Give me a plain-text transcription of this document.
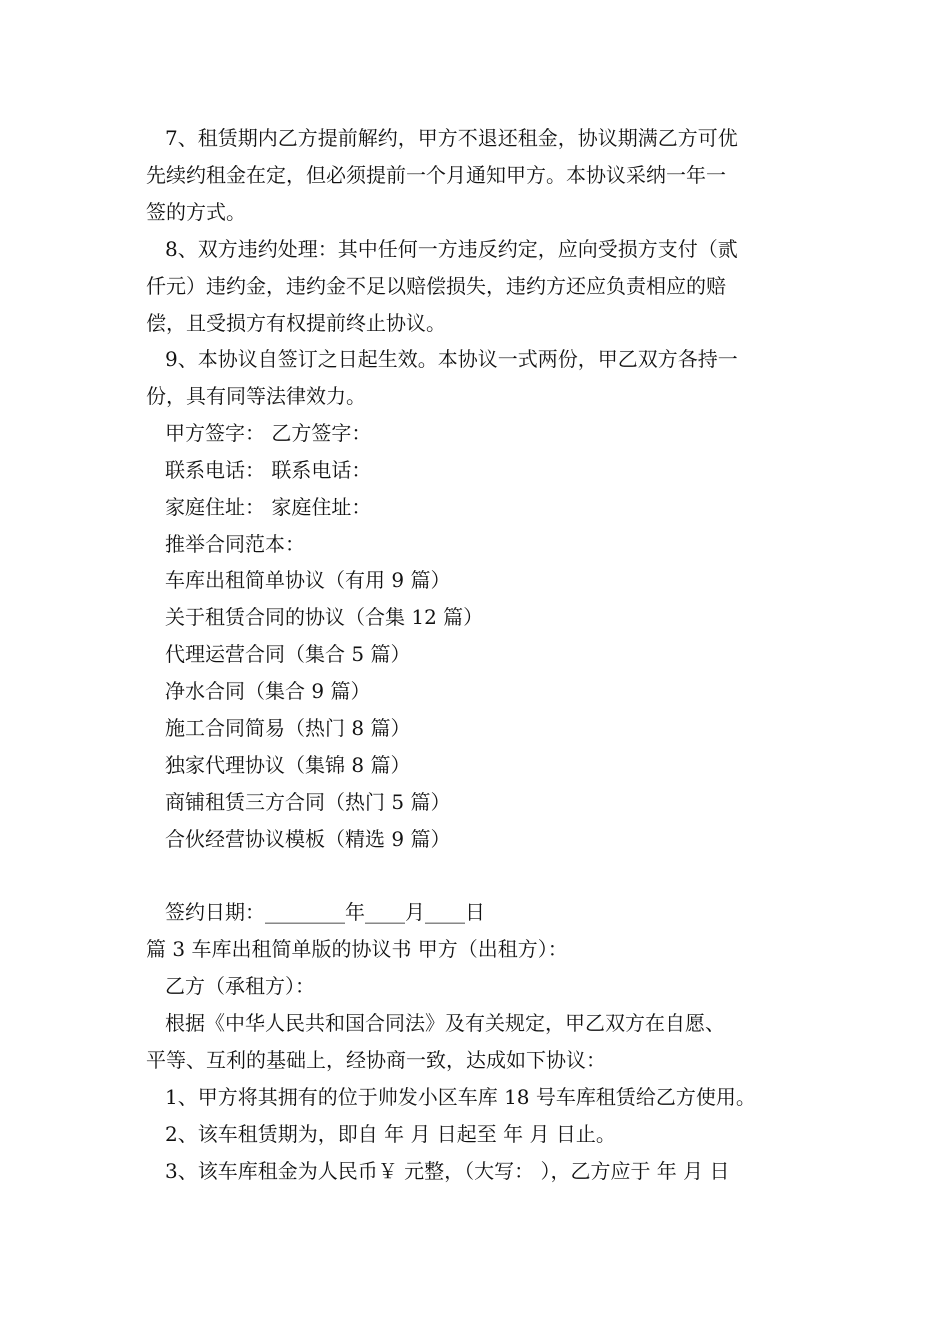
7、租赁期内乙方提前解约，甲方不退还租金，协议期满乙方可优
先续约租金在定，但必须提前一个月通知甲方。本协议采纳一年一
签的方式。
8、双方违约处理：其中任何一方违反约定，应向受损方支付（贰
仟元）违约金，违约金不足以赔偿损失，违约方还应负责相应的赔
偿，且受损方有权提前终止协议。
9、本协议自签订之日起生效。本协议一式两份，甲乙双方各持一
份，具有同等法律效力。
甲方签字： 乙方签字：
联系电话： 联系电话：
家庭住址： 家庭住址：
推举合同范本：
车库出租简单协议（有用 9 篇）
关于租赁合同的协议（合集 12 篇）
代理运营合同（集合 5 篇）
净水合同（集合 9 篇）
施工合同简易（热门 8 篇）
独家代理协议（集锦 8 篇）
商铺租赁三方合同（热门 5 篇）
合伙经营协议模板（精选 9 篇）
签约日期：________年____月____日
篇 3 车库出租简单版的协议书 甲方（出租方）：
乙方（承租方）：
根据《中华人民共和国合同法》及有关规定，甲乙双方在自愿、
平等、互利的基础上，经协商一致，达成如下协议：
1、甲方将其拥有的位于帅发小区车库 18 号车库租赁给乙方使用。
2、该车租赁期为，即自 年 月 日起至 年 月 日止。
3、该车库租金为人民币￥ 元整，（大写： ），乙方应于 年 月 日
